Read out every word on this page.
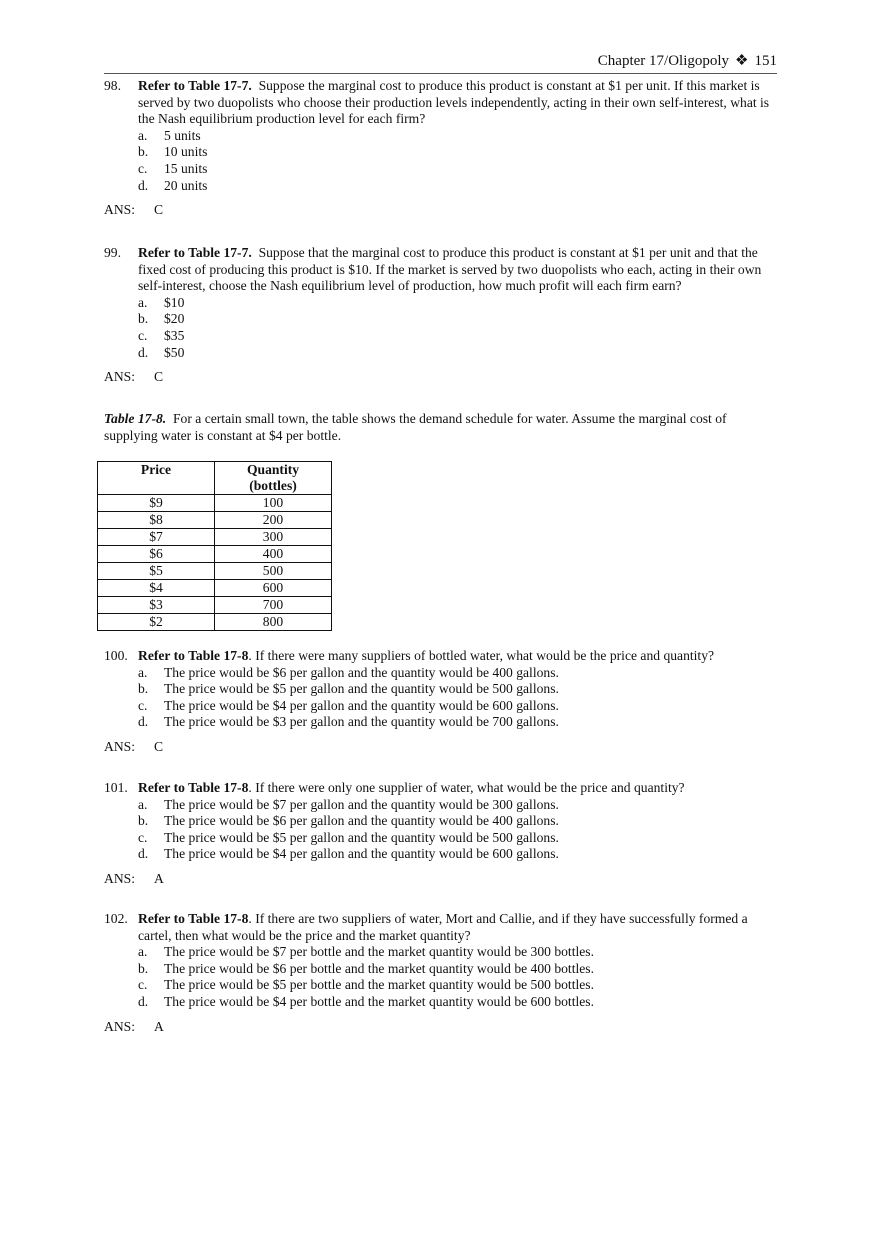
Chapter 17/Oligopoly ❖ 151
98. Refer to Table 17-7. Suppose the marginal cost to produce this product is constant at $1 per unit. If this market is served by two duopolists who choose their production levels independently, acting in their own self-interest, what is the Nash equilibrium production level for each firm?
a. 5 units
b. 10 units
c. 15 units
d. 20 units
ANS: C
99. Refer to Table 17-7. Suppose that the marginal cost to produce this product is constant at $1 per unit and that the fixed cost of producing this product is $10. If the market is served by two duopolists who each, acting in their own self-interest, choose the Nash equilibrium level of production, how much profit will each firm earn?
a. $10
b. $20
c. $35
d. $50
ANS: C
Table 17-8. For a certain small town, the table shows the demand schedule for water. Assume the marginal cost of supplying water is constant at $4 per bottle.
Price	Quantity
(bottles)
$9	100
$8	200
$7	300
$6	400
$5	500
$4	600
$3	700
$2	800
100. Refer to Table 17-8. If there were many suppliers of bottled water, what would be the price and quantity?
a. The price would be $6 per gallon and the quantity would be 400 gallons.
b. The price would be $5 per gallon and the quantity would be 500 gallons.
c. The price would be $4 per gallon and the quantity would be 600 gallons.
d. The price would be $3 per gallon and the quantity would be 700 gallons.
ANS: C
101. Refer to Table 17-8. If there were only one supplier of water, what would be the price and quantity?
a. The price would be $7 per gallon and the quantity would be 300 gallons.
b. The price would be $6 per gallon and the quantity would be 400 gallons.
c. The price would be $5 per gallon and the quantity would be 500 gallons.
d. The price would be $4 per gallon and the quantity would be 600 gallons.
ANS: A
102. Refer to Table 17-8. If there are two suppliers of water, Mort and Callie, and if they have successfully formed a cartel, then what would be the price and the market quantity?
a. The price would be $7 per bottle and the market quantity would be 300 bottles.
b. The price would be $6 per bottle and the market quantity would be 400 bottles.
c. The price would be $5 per bottle and the market quantity would be 500 bottles.
d. The price would be $4 per bottle and the market quantity would be 600 bottles.
ANS: A
